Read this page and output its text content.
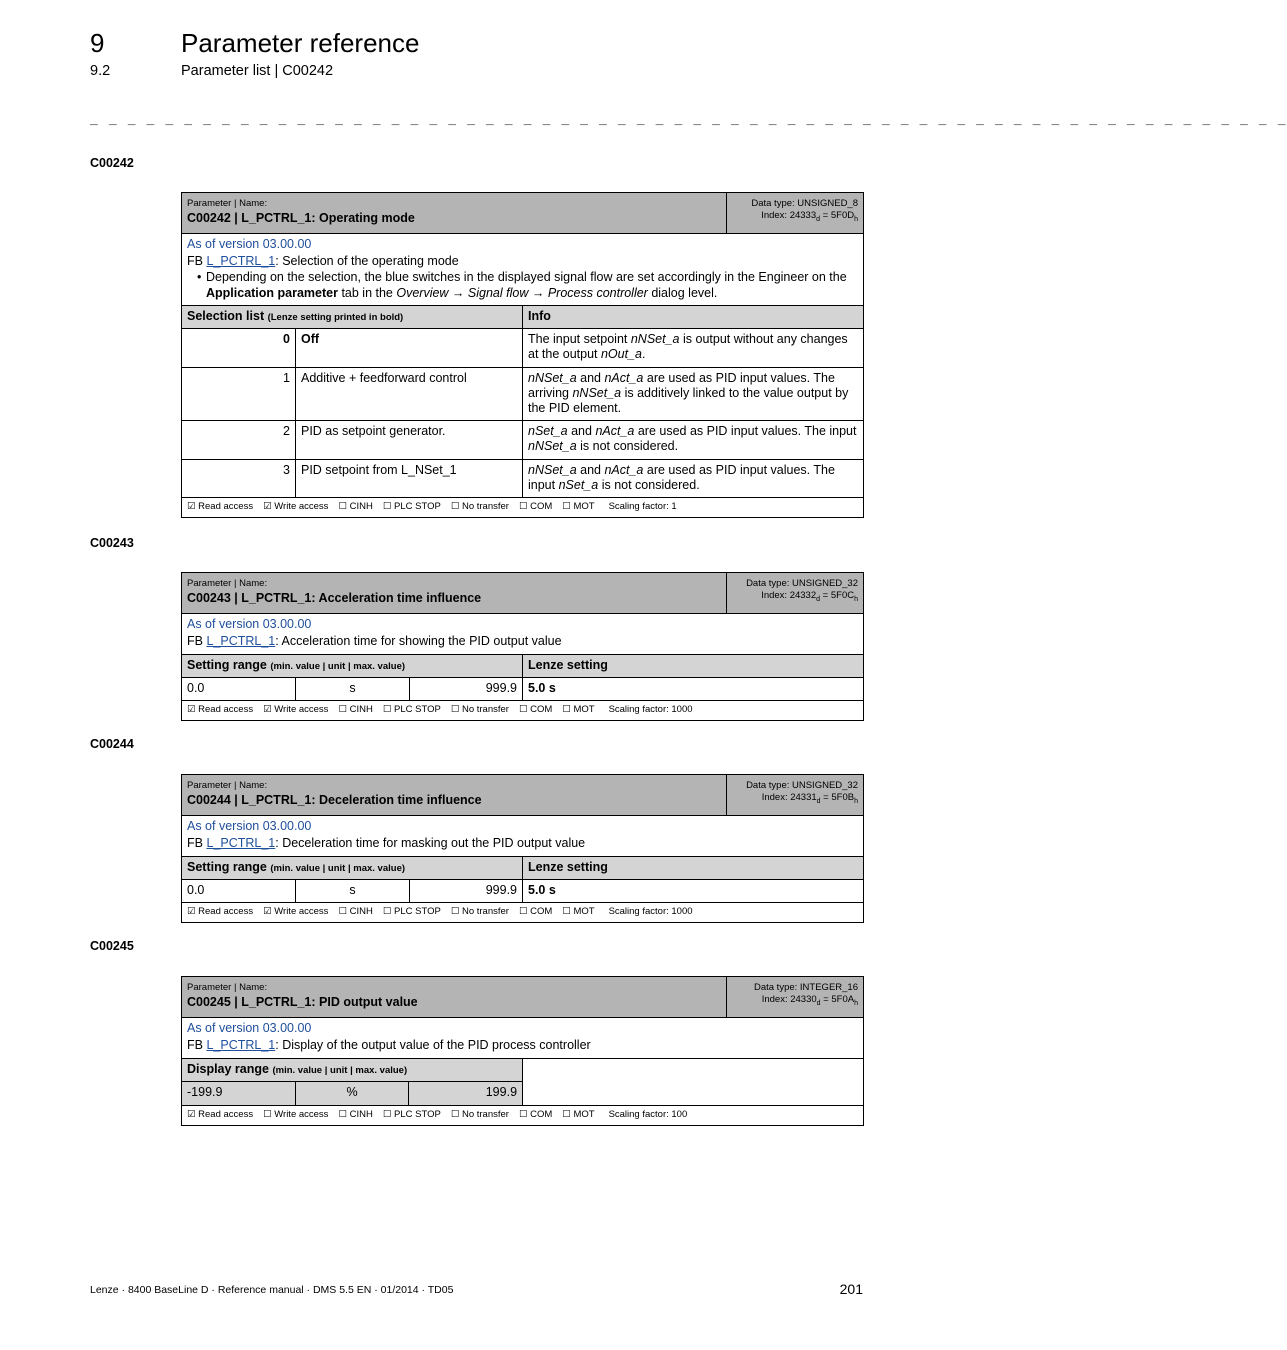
9	Parameter reference
9.2	Parameter list | C00242
_ _ _ _ _ _ _ _ _ _ _ _ _ _ _ _ _ _ _ _ _ _ _ _ _ _ _ _ _ _ _ _ _ _ _ _ _ _ _ _ _ _ _ _ _ _ _ _ _ _ _ _ _ _ _ _ _ _ _ _ _ _ _ _
C00242
Parameter | Name:
C00242 | L_PCTRL_1: Operating mode
Data type: UNSIGNED_8
Index: $24333_d = 5F0D_h$
As of version 03.00.00
FB L_PCTRL_1: Selection of the operating mode
• Depending on the selection, the blue switches in the displayed signal flow are set accordingly in the Engineer on the Application parameter tab in the Overview → Signal flow → Process controller dialog level.
Selection list (Lenze setting printed in bold)	Info
0 Off	The input setpoint nNSet_a is output without any changes at the output nOut_a.
1 Additive + feedforward control	nNSet_a and nAct_a are used as PID input values. The arriving nNSet_a is additively linked to the value output by the PID element.
2 PID as setpoint generator.	nSet_a and nAct_a are used as PID input values. The input nNSet_a is not considered.
3 PID setpoint from L_NSet_1	nNSet_a and nAct_a are used as PID input values. The input nSet_a is not considered.
☑ Read access ☑ Write access ☐ CINH ☐ PLC STOP ☐ No transfer ☐ COM ☐ MOT Scaling factor: 1
C00243
Parameter | Name:
C00243 | L_PCTRL_1: Acceleration time influence
Data type: UNSIGNED_32
Index: $24332_d = 5F0C_h$
As of version 03.00.00
FB L_PCTRL_1: Acceleration time for showing the PID output value
Setting range (min. value | unit | max. value)	Lenze setting
0.0	s	999.9 5.0 s
☑ Read access ☑ Write access ☐ CINH ☐ PLC STOP ☐ No transfer ☐ COM ☐ MOT Scaling factor: 1000
C00244
Parameter | Name:
C00244 | L_PCTRL_1: Deceleration time influence
Data type: UNSIGNED_32
Index: $24331_d = 5F0B_h$
As of version 03.00.00
FB L_PCTRL_1: Deceleration time for masking out the PID output value
Setting range (min. value | unit | max. value)	Lenze setting
0.0	s	999.9 5.0 s
☑ Read access ☑ Write access ☐ CINH ☐ PLC STOP ☐ No transfer ☐ COM ☐ MOT Scaling factor: 1000
C00245
Parameter | Name:
C00245 | L_PCTRL_1: PID output value
Data type: INTEGER_16
Index: $24330_d = 5F0A_h$
As of version 03.00.00
FB L_PCTRL_1: Display of the output value of the PID process controller
Display range (min. value | unit | max. value)
-199.9	%	199.9
☑ Read access ☐ Write access ☐ CINH ☐ PLC STOP ☐ No transfer ☐ COM ☐ MOT Scaling factor: 100
Lenze · 8400 BaseLine D · Reference manual · DMS 5.5 EN · 01/2014 · TD05	201
